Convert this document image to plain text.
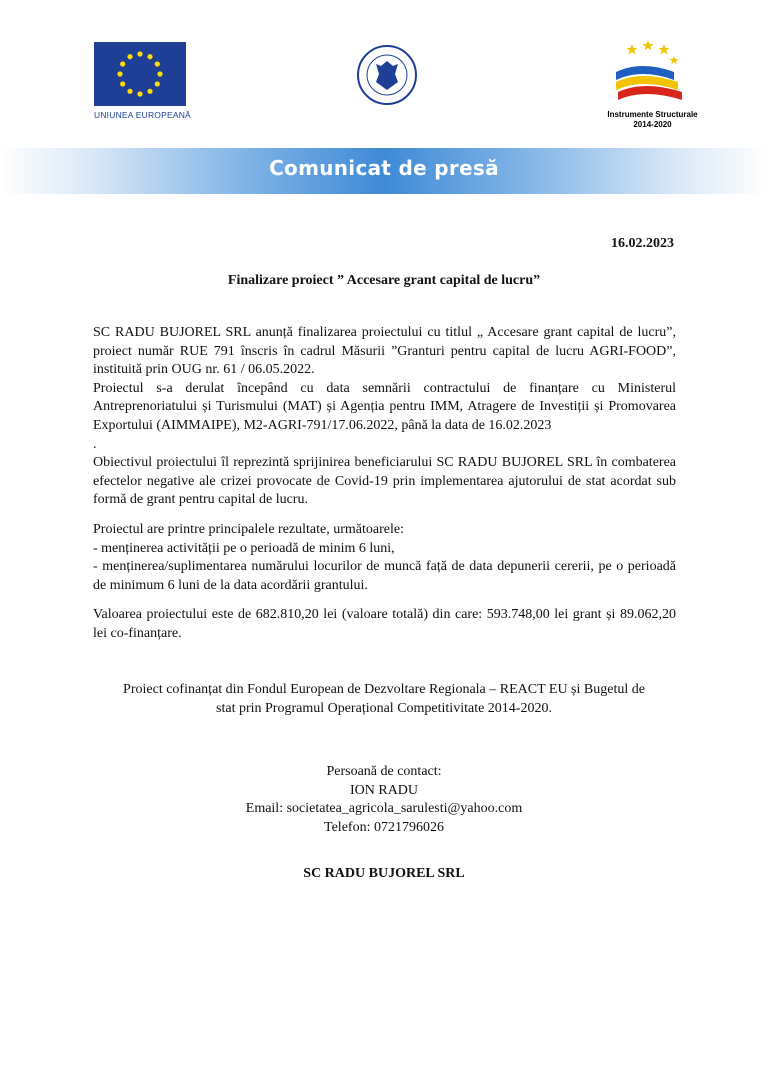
UNIUNEA EUROPEANĂ	Instrumente Structurale
2014-2020
Comunicat de presă
16.02.2023
Finalizare proiect ” Accesare grant capital de lucru”

SC RADU BUJOREL SRL anunță finalizarea proiectului cu titlul „ Accesare grant capital de lucru”, proiect număr RUE 791 înscris în cadrul Măsurii ”Granturi pentru capital de lucru AGRI-FOOD”, instituită prin OUG nr. 61 / 06.05.2022.

Proiectul s-a derulat începând cu data semnării contractului de finanțare cu Ministerul Antreprenoriatului și Turismului (MAT) și Agenția pentru IMM, Atragere de Investiții și Promovarea Exportului (AIMMAIPE), M2-AGRI-791/17.06.2022, până la data de 16.02.2023
.

Obiectivul proiectului îl reprezintă sprijinirea beneficiarului SC RADU BUJOREL SRL în combaterea efectelor negative ale crizei provocate de Covid-19 prin implementarea ajutorului de stat acordat sub formă de grant pentru capital de lucru.

Proiectul are printre principalele rezultate, următoarele:
- menținerea activității pe o perioadă de minim 6 luni,
- menținerea/suplimentarea numărului locurilor de muncă față de data depunerii cererii, pe o perioadă de minimum 6 luni de la data acordării grantului.

Valoarea proiectului este de 682.810,20 lei (valoare totală) din care: 593.748,00 lei grant și 89.062,20 lei co-finanțare.

Proiect cofinanțat din Fondul European de Dezvoltare Regionala – REACT EU și Bugetul de
stat prin Programul Operațional Competitivitate 2014-2020.
Persoană de contact:
ION RADU
Email: societatea_agricola_sarulesti@yahoo.com
Telefon: 0721796026
SC RADU BUJOREL SRL
